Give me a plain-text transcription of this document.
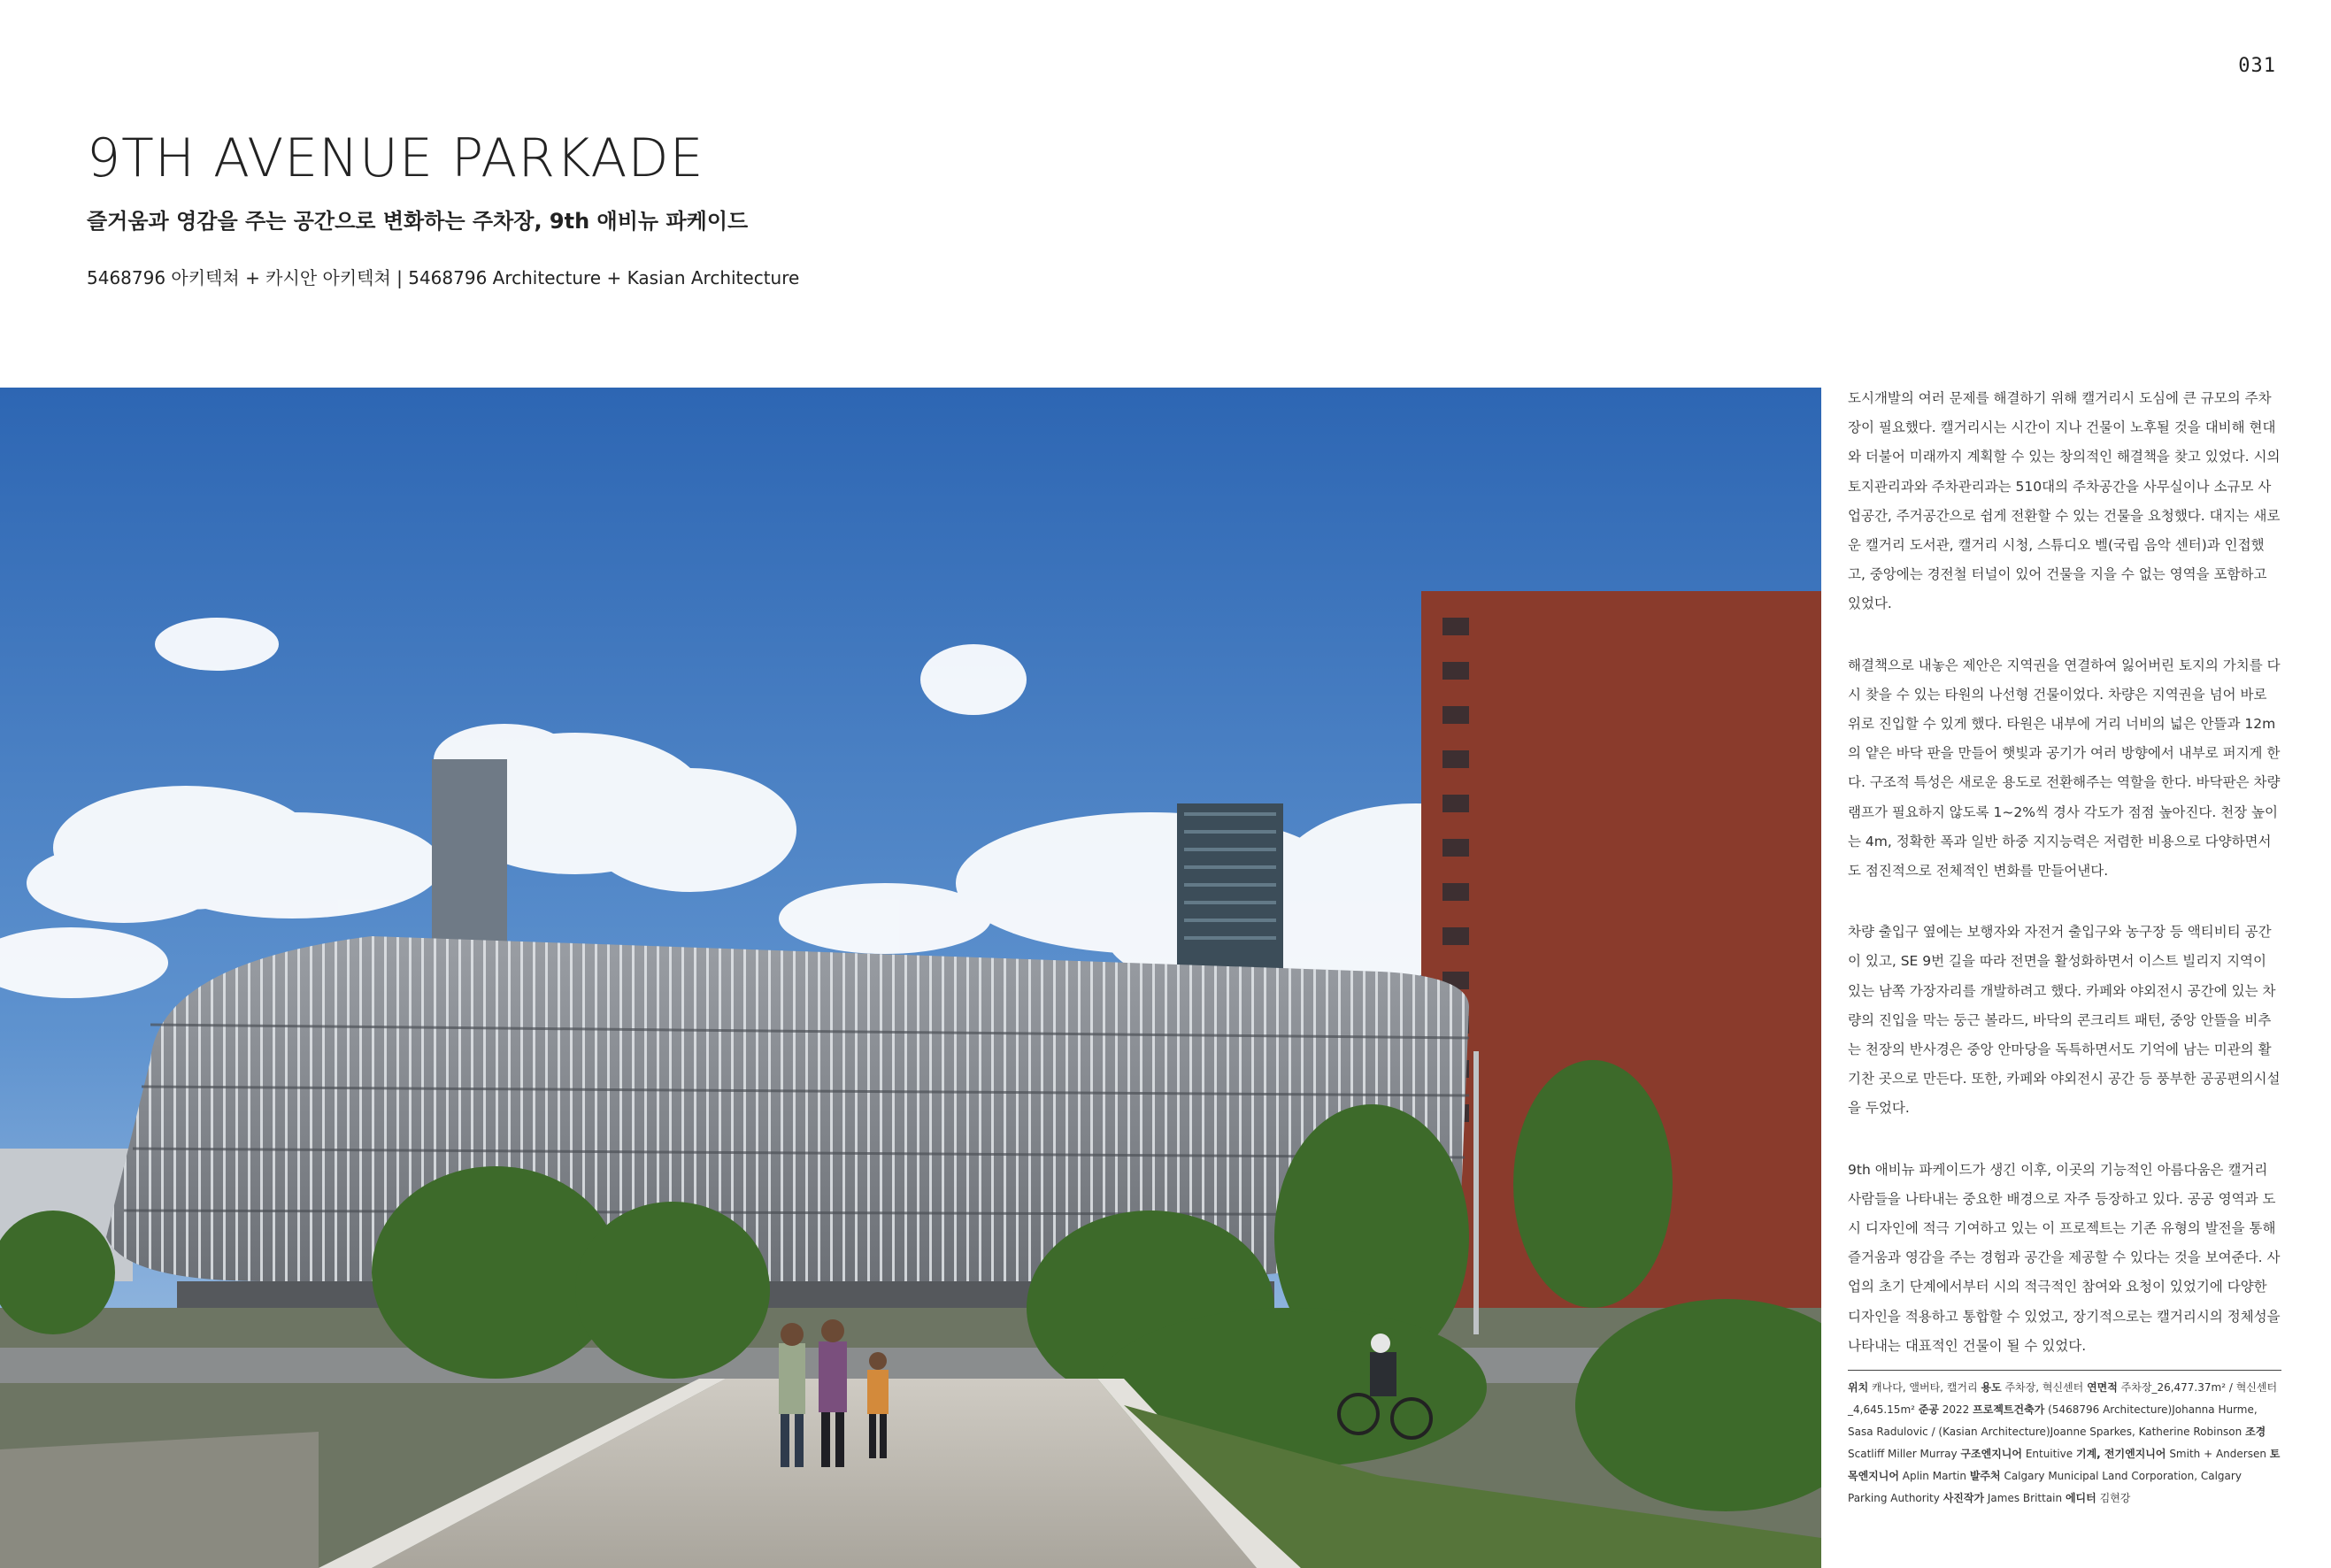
031
9TH AVENUE PARKADE
즐거움과 영감을 주는 공간으로 변화하는 주차장, 9th 애비뉴 파케이드

5468796 아키텍쳐 + 카시안 아키텍쳐 | 5468796 Architecture + Kasian Architecture

도시개발의 여러 문제를 해결하기 위해 캘거리시 도심에 큰 규모의 주차장이 필요했다. 캘거리시는 시간이 지나 건물이 노후될 것을 대비해 현대와 더불어 미래까지 계획할 수 있는 창의적인 해결책을 찾고 있었다. 시의 토지관리과와 주차관리과는 510대의 주차공간을 사무실이나 소규모 사업공간, 주거공간으로 쉽게 전환할 수 있는 건물을 요청했다. 대지는 새로운 캘거리 도서관, 캘거리 시청, 스튜디오 벨(국립 음악 센터)과 인접했고, 중앙에는 경전철 터널이 있어 건물을 지을 수 없는 영역을 포함하고 있었다.

해결책으로 내놓은 제안은 지역권을 연결하여 잃어버린 토지의 가치를 다시 찾을 수 있는 타원의 나선형 건물이었다. 차량은 지역권을 넘어 바로 위로 진입할 수 있게 했다. 타원은 내부에 거리 너비의 넓은 안뜰과 12m의 얕은 바닥 판을 만들어 햇빛과 공기가 여러 방향에서 내부로 퍼지게 한다. 구조적 특성은 새로운 용도로 전환해주는 역할을 한다. 바닥판은 차량 램프가 필요하지 않도록 1~2%씩 경사 각도가 점점 높아진다. 천장 높이는 4m, 정확한 폭과 일반 하중 지지능력은 저렴한 비용으로 다양하면서도 점진적으로 전체적인 변화를 만들어낸다.

차량 출입구 옆에는 보행자와 자전거 출입구와 농구장 등 액티비티 공간이 있고, SE 9번 길을 따라 전면을 활성화하면서 이스트 빌리지 지역이 있는 남쪽 가장자리를 개발하려고 했다. 카페와 야외전시 공간에 있는 차량의 진입을 막는 둥근 볼라드, 바닥의 콘크리트 패턴, 중앙 안뜰을 비추는 천장의 반사경은 중앙 안마당을 독특하면서도 기억에 남는 미관의 활기찬 곳으로 만든다. 또한, 카페와 야외전시 공간 등 풍부한 공공편의시설을 두었다.

9th 애비뉴 파케이드가 생긴 이후, 이곳의 기능적인 아름다움은 캘거리 사람들을 나타내는 중요한 배경으로 자주 등장하고 있다. 공공 영역과 도시 디자인에 적극 기여하고 있는 이 프로젝트는 기존 유형의 발전을 통해 즐거움과 영감을 주는 경험과 공간을 제공할 수 있다는 것을 보여준다. 사업의 초기 단계에서부터 시의 적극적인 참여와 요청이 있었기에 다양한 디자인을 적용하고 통합할 수 있었고, 장기적으로는 캘거리시의 정체성을 나타내는 대표적인 건물이 될 수 있었다.

위치 캐나다, 앨버타, 캘거리 용도 주차장, 혁신센터 연면적 주차장_26,477.37m² / 혁신센터_4,645.15m² 준공 2022 프로젝트건축가 (5468796 Architecture)Johanna Hurme, Sasa Radulovic / (Kasian Architecture)Joanne Sparkes, Katherine Robinson 조경 Scatliff Miller Murray 구조엔지니어 Entuitive 기계, 전기엔지니어 Smith + Andersen 토목엔지니어 Aplin Martin 발주처 Calgary Municipal Land Corporation, Calgary Parking Authority 사진작가 James Brittain 에디터 김현강
